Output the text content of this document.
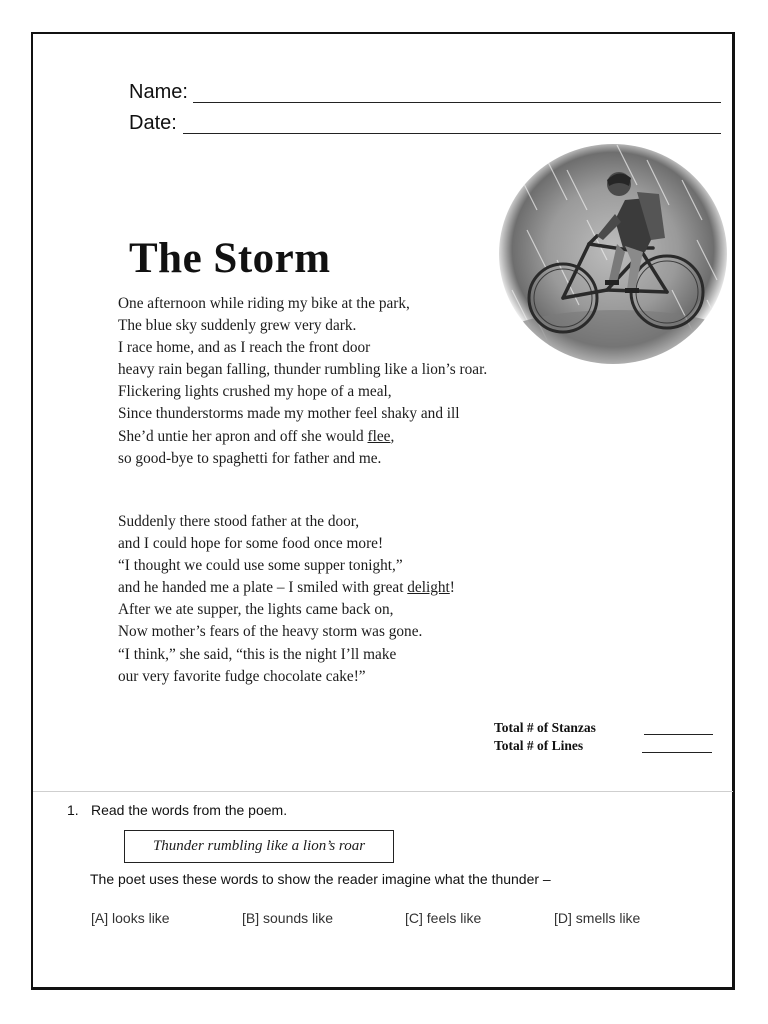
Name:
Date:
The Storm
One afternoon while riding my bike at the park,
The blue sky suddenly grew very dark.
I race home, and as I reach the front door
heavy rain began falling, thunder rumbling like a lion’s roar.
Flickering lights crushed my hope of a meal,
Since thunderstorms made my mother feel shaky and ill
She’d untie her apron and off she would flee,
so good-bye to spaghetti for father and me.
Suddenly there stood father at the door,
and I could hope for some food once more!
“I thought we could use some supper tonight,”
and he handed me a plate – I smiled with great delight!
After we ate supper, the lights came back on,
Now mother’s fears of the heavy storm was gone.
“I think,” she said, “this is the night I’ll make
our very favorite fudge chocolate cake!”
Total # of Stanzas
Total # of Lines
1. Read the words from the poem.
Thunder rumbling like a lion’s roar
The poet uses these words to show the reader imagine what the thunder –
[A] looks like	[B] sounds like	[C] feels like	[D] smells like
